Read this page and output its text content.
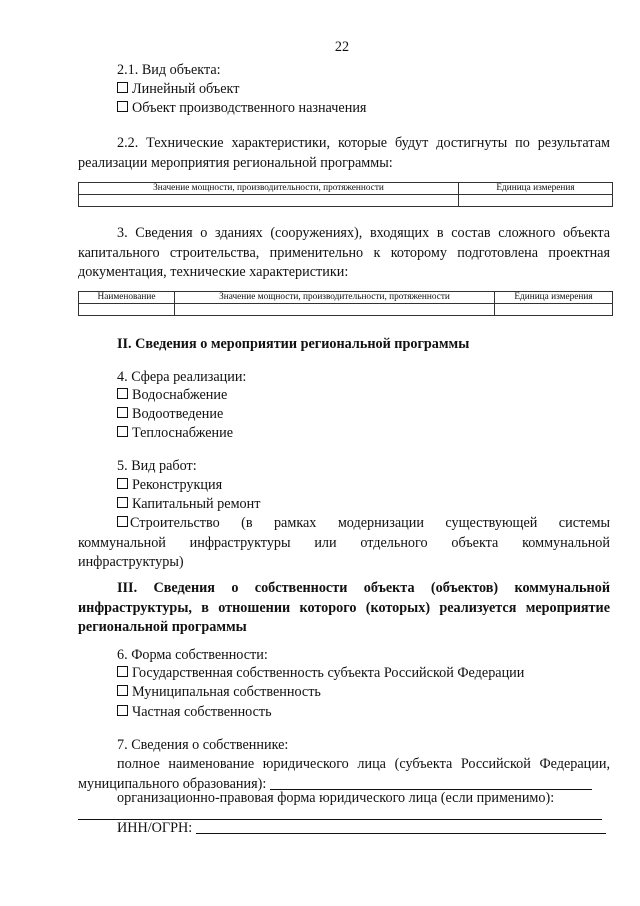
22
2.1. Вид объекта:
Линейный объект
Объект производственного назначения
2.2. Технические характеристики, которые будут достигнуты по результатам реализации мероприятия региональной программы:
Значение мощности, производительности, протяженности	Единица измерения

3. Сведения о зданиях (сооружениях), входящих в состав сложного объекта капитального строительства, применительно к которому подготовлена проектная документация, технические характеристики:
Наименование	Значение мощности, производительности, протяженности	Единица измерения

II. Сведения о мероприятии региональной программы
4. Сфера реализации:
Водоснабжение
Водоотведение
Теплоснабжение
5. Вид работ:
Реконструкция
Капитальный ремонт
Строительство (в рамках модернизации существующей системы коммунальной инфраструктуры или отдельного объекта коммунальной инфраструктуры)
III. Сведения о собственности объекта (объектов) коммунальной инфраструктуры, в отношении которого (которых) реализуется мероприятие региональной программы
6. Форма собственности:
Государственная собственность субъекта Российской Федерации
Муниципальная собственность
Частная собственность
7. Сведения о собственнике:
полное наименование юридического лица (субъекта Российской Федерации, муниципального образования):
организационно-правовая форма юридического лица (если применимо):
ИНН/ОГРН:
